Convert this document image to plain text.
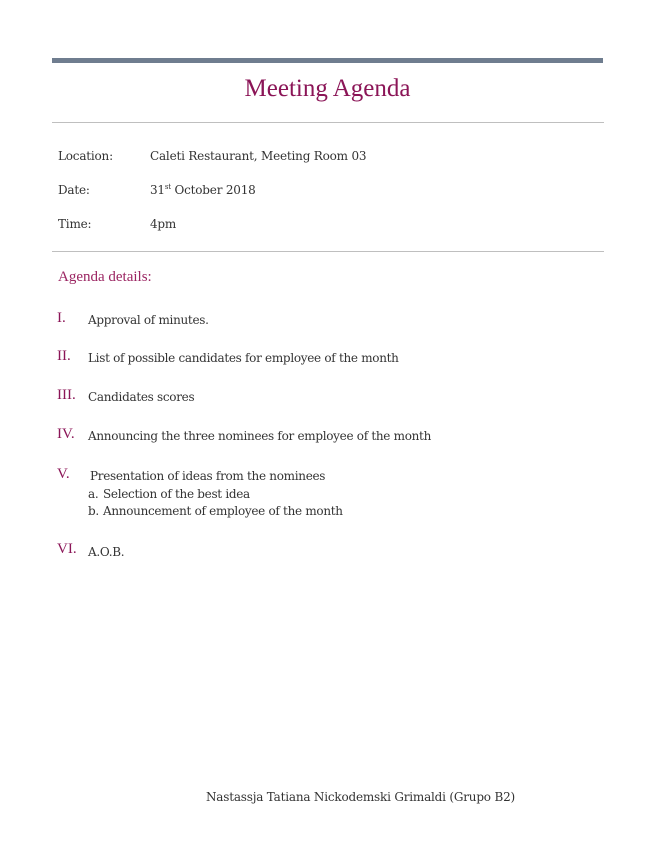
Meeting Agenda
Location:	Caleti Restaurant, Meeting Room 03
Date:	31st October 2018
Time:	4pm
Agenda details:
I. Approval of minutes.
II. List of possible candidates for employee of the month
III. Candidates scores
IV. Announcing the three nominees for employee of the month
V. Presentation of ideas from the nominees
a. Selection of the best idea
b. Announcement of employee of the month
VI. A.O.B.
Nastassja Tatiana Nickodemski Grimaldi (Grupo B2)
